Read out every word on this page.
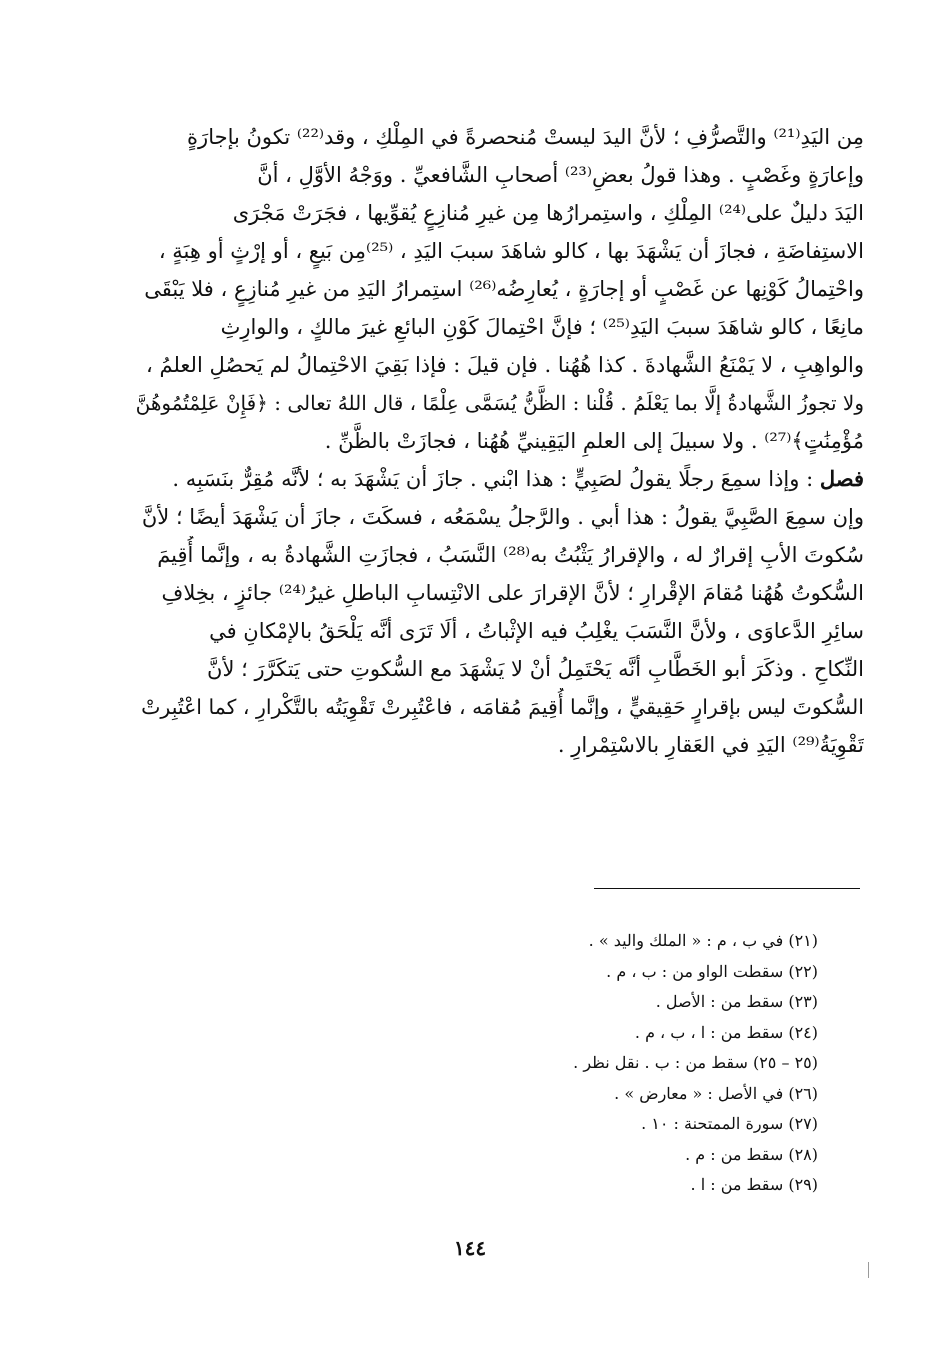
مِن اليَدِ⁽²¹⁾ والتَّصرُّفِ ؛ لأنَّ اليدَ ليستْ مُنحصرةً في المِلْكِ ، وقد⁽²²⁾ تكونُ بإجارَةٍ
وإعارَةٍ وغَصْبٍ . وهذا قولُ بعضِ⁽²³⁾ أصحابِ الشَّافعيِّ . ووَجْهُ الأوَّلِ ، أنَّ
اليَدَ دليلٌ على⁽²⁴⁾ المِلْكِ ، واستِمرارُها مِن غيرِ مُنازِعٍ يُقوِّيها ، فجَرَتْ مَجْرَى
الاستِفاضَةِ ، فجازَ أن يَشْهَدَ بها ، كالو شاهَدَ سببَ اليَدِ ، ⁽²⁵⁾مِن بَيعٍ ، أو إرْثٍ أو هِبَةٍ ،
واحْتِمالُ كَوْنِها عن غَصْبٍ أو إجارَةٍ ، يُعارِضُه⁽²⁶⁾ استِمرارُ اليَدِ من غيرِ مُنازِعٍ ، فلا يَبْقَى
مانِعًا ، كالو شاهَدَ سببَ اليَدِ⁽²⁵⁾ ؛ فإنَّ احْتِمالَ كَوْنِ البائعِ غيرَ مالكٍ ، والوارِثِ
والواهِبِ ، لا يَمْنَعُ الشَّهادةَ . كذا هُهُنا . فإن قيلَ : فإذا بَقِيَ الاحْتِمالُ لم يَحصُلِ العلمُ ،
ولا تجوزُ الشَّهادةُ إلَّا بما يَعْلَمُ . قُلْنا : الظَّنُّ يُسَمَّى عِلْمًا ، قال اللهُ تعالى : ﴿فَإِنْ عَلِمْتُمُوهُنَّ
مُؤْمِنَٰتٍ﴾⁽²⁷⁾ . ولا سبيلَ إلى العلمِ اليَقِينيِّ هُهُنا ، فجازَتْ بالظَّنِّ .
فصل : وإذا سمِعَ رجلًا يقولُ لصَبِيٍّ : هذا ابْني . جازَ أن يَشْهَدَ به ؛ لأنَّه مُقِرٌّ بنَسَبِه .
وإن سمِعَ الصَّبِيَّ يقولُ : هذا أبي . والرَّجلُ يسْمَعُه ، فسكَتَ ، جازَ أن يَشْهَدَ أيضًا ؛ لأنَّ
سُكوتَ الأبِ إقرارٌ له ، والإقرارُ يَثْبُتُ به⁽²⁸⁾ النَّسَبُ ، فجازَتِ الشَّهادةُ به ، وإنَّما أُقِيمَ
السُّكوتُ هُهُنا مُقامَ الإقْرارِ ؛ لأنَّ الإقرارَ على الانْتِسابِ الباطلِ غيرُ⁽²⁴⁾ جائزٍ ، بخِلافِ
سائِرِ الدَّعاوَى ، ولأنَّ النَّسَبَ يغْلِبُ فيه الإثْباتُ ، ألَا تَرَى أنَّه يَلْحَقُ بالإمْكانِ في
النِّكاحِ . وذكَرَ أبو الخَطَّابِ أنَّه يَحْتَمِلُ أنْ لا يَشْهَدَ مع السُّكوتِ حتى يَتكَرَّرَ ؛ لأنَّ
السُّكوتَ ليس بإقرارٍ حَقِيقيٍّ ، وإنَّما أُقِيمَ مُقامَه ، فاعْتُبِرتْ تَقْوِيَتُه بالتَّكْرارِ ، كما اعْتُبِرتْ
تَقْوِيَةُ⁽²⁹⁾ اليَدِ في العَقارِ بالاسْتِمْرارِ .
(٢١) في ب ، م : « الملك واليد » .
(٢٢) سقطت الواو من : ب ، م .
(٢٣) سقط من : الأصل .
(٢٤) سقط من : ا ، ب ، م .
(٢٥ – ٢٥) سقط من : ب . نقل نظر .
(٢٦) في الأصل : « معارض » .
(٢٧) سورة الممتحنة : ١٠ .
(٢٨) سقط من : م .
(٢٩) سقط من : ا .
١٤٤
